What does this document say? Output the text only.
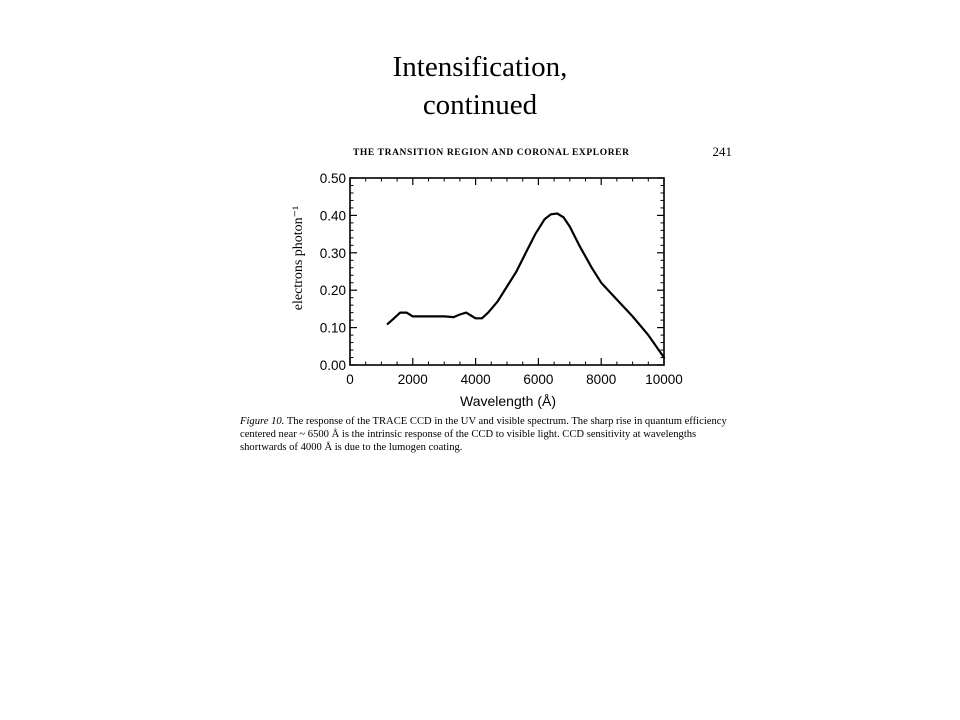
Intensification,
continued
THE TRANSITION REGION AND CORONAL EXPLORER	241
0	2000 4000 6000 8000 10000
0.00
0.10
0.20
0.30
0.40
0.50
Wavelength (Å)
electrons photon⁻¹
Figure 10. The response of the TRACE CCD in the UV and visible spectrum. The sharp rise in quantum efficiency centered near ~ 6500 Å is the intrinsic response of the CCD to visible light. CCD sensitivity at wavelengths shortwards of 4000 Å is due to the lumogen coating.
